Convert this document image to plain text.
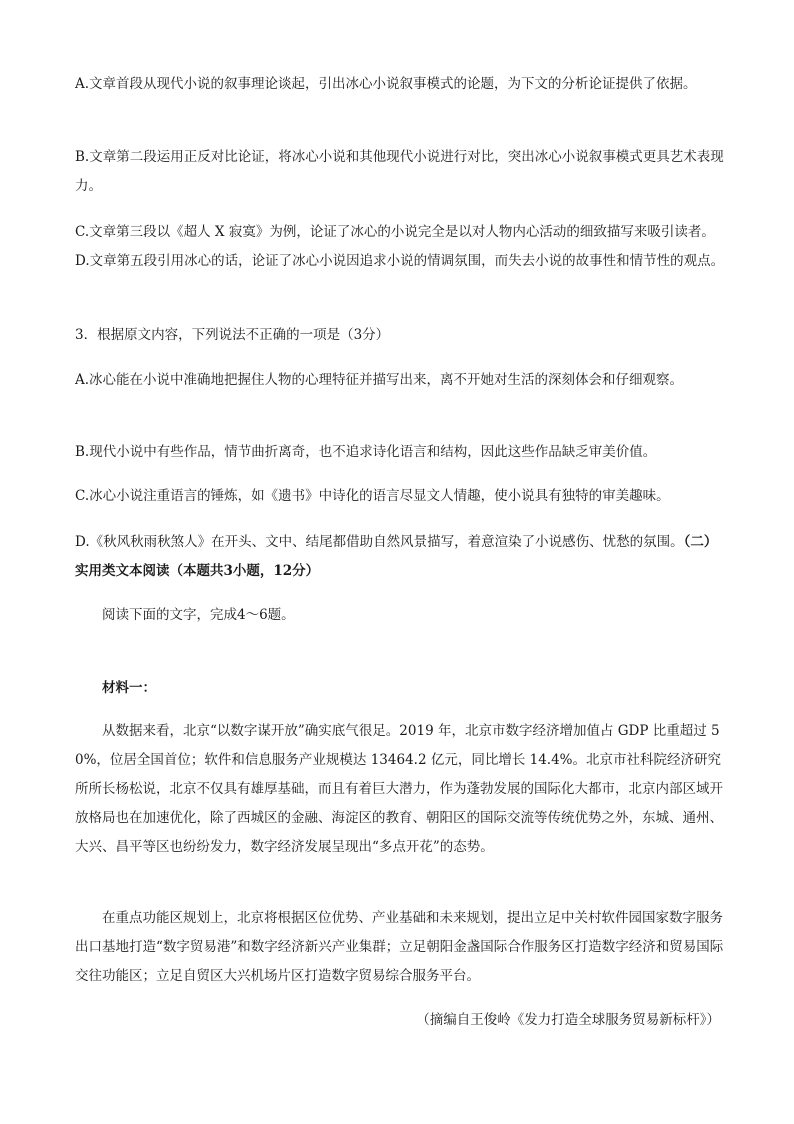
A.文章首段从现代小说的叙事理论谈起，引出冰心小说叙事模式的论题，为下文的分析论证提供了依据。

B.文章第二段运用正反对比论证，将冰心小说和其他现代小说进行对比，突出冰心小说叙事模式更具艺术表现力。

C.文章第三段以《超人 X 寂寞》为例，论证了冰心的小说完全是以对人物内心活动的细致描写来吸引读者。D.文章第五段引用冰心的话，论证了冰心小说因追求小说的情调氛围，而失去小说的故事性和情节性的观点。

3．根据原文内容，下列说法不正确的一项是（3分）

A.冰心能在小说中准确地把握住人物的心理特征并描写出来，离不开她对生活的深刻体会和仔细观察。

B.现代小说中有些作品，情节曲折离奇，也不追求诗化语言和结构，因此这些作品缺乏审美价值。

C.冰心小说注重语言的锤炼，如《遗书》中诗化的语言尽显文人情趣，使小说具有独特的审美趣味。

D.《秋风秋雨秋煞人》在开头、文中、结尾都借助自然风景描写，着意渲染了小说感伤、忧愁的氛围。（二）实用类文本阅读（本题共3小题，12分）

阅读下面的文字，完成4～6题。

材料一：

从数据来看，北京“以数字谋开放”确实底气很足。2019 年，北京市数字经济增加值占 GDP 比重超过 50%，位居全国首位；软件和信息服务产业规模达 13464.2 亿元，同比增长 14.4%。北京市社科院经济研究所所长杨松说，北京不仅具有雄厚基础，而且有着巨大潜力，作为蓬勃发展的国际化大都市，北京内部区域开放格局也在加速优化，除了西城区的金融、海淀区的教育、朝阳区的国际交流等传统优势之外，东城、通州、大兴、昌平等区也纷纷发力，数字经济发展呈现出“多点开花”的态势。

在重点功能区规划上，北京将根据区位优势、产业基础和未来规划，提出立足中关村软件园国家数字服务出口基地打造“数字贸易港”和数字经济新兴产业集群；立足朝阳金盏国际合作服务区打造数字经济和贸易国际交往功能区；立足自贸区大兴机场片区打造数字贸易综合服务平台。

（摘编自王俊岭《发力打造全球服务贸易新标杆》）
